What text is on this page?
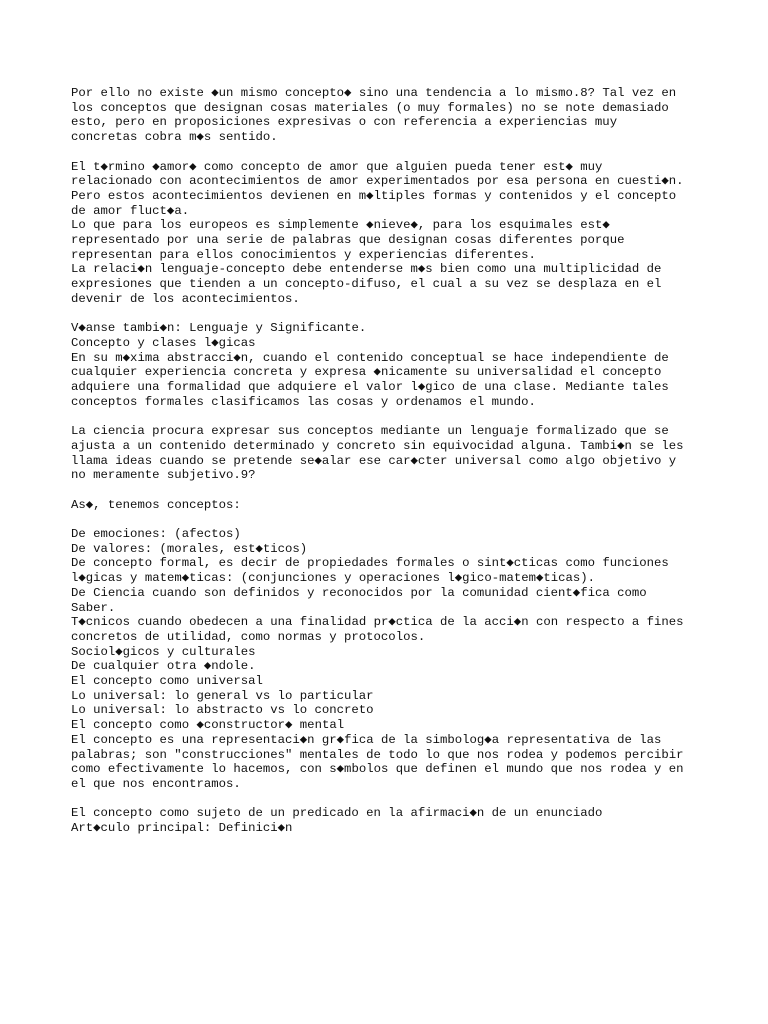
Por ello no existe ◆un mismo concepto◆ sino una tendencia a lo mismo.8? Tal vez en
los conceptos que designan cosas materiales (o muy formales) no se note demasiado
esto, pero en proposiciones expresivas o con referencia a experiencias muy
concretas cobra m◆s sentido.

El t◆rmino ◆amor◆ como concepto de amor que alguien pueda tener est◆ muy
relacionado con acontecimientos de amor experimentados por esa persona en cuesti◆n.
Pero estos acontecimientos devienen en m◆ltiples formas y contenidos y el concepto
de amor fluct◆a.
Lo que para los europeos es simplemente ◆nieve◆, para los esquimales est◆
representado por una serie de palabras que designan cosas diferentes porque
representan para ellos conocimientos y experiencias diferentes.
La relaci◆n lenguaje-concepto debe entenderse m◆s bien como una multiplicidad de
expresiones que tienden a un concepto-difuso, el cual a su vez se desplaza en el
devenir de los acontecimientos.

V◆anse tambi◆n: Lenguaje y Significante.
Concepto y clases l◆gicas
En su m◆xima abstracci◆n, cuando el contenido conceptual se hace independiente de
cualquier experiencia concreta y expresa ◆nicamente su universalidad el concepto
adquiere una formalidad que adquiere el valor l◆gico de una clase. Mediante tales
conceptos formales clasificamos las cosas y ordenamos el mundo.

La ciencia procura expresar sus conceptos mediante un lenguaje formalizado que se
ajusta a un contenido determinado y concreto sin equivocidad alguna. Tambi◆n se les
llama ideas cuando se pretende se◆alar ese car◆cter universal como algo objetivo y
no meramente subjetivo.9?

As◆, tenemos conceptos:

De emociones: (afectos)
De valores: (morales, est◆ticos)
De concepto formal, es decir de propiedades formales o sint◆cticas como funciones
l◆gicas y matem◆ticas: (conjunciones y operaciones l◆gico-matem◆ticas).
De Ciencia cuando son definidos y reconocidos por la comunidad cient◆fica como
Saber.
T◆cnicos cuando obedecen a una finalidad pr◆ctica de la acci◆n con respecto a fines
concretos de utilidad, como normas y protocolos.
Sociol◆gicos y culturales
De cualquier otra ◆ndole.
El concepto como universal
Lo universal: lo general vs lo particular
Lo universal: lo abstracto vs lo concreto
El concepto como ◆constructor◆ mental
El concepto es una representaci◆n gr◆fica de la simbolog◆a representativa de las
palabras; son "construcciones" mentales de todo lo que nos rodea y podemos percibir
como efectivamente lo hacemos, con s◆mbolos que definen el mundo que nos rodea y en
el que nos encontramos.

El concepto como sujeto de un predicado en la afirmaci◆n de un enunciado
Art◆culo principal: Definici◆n
